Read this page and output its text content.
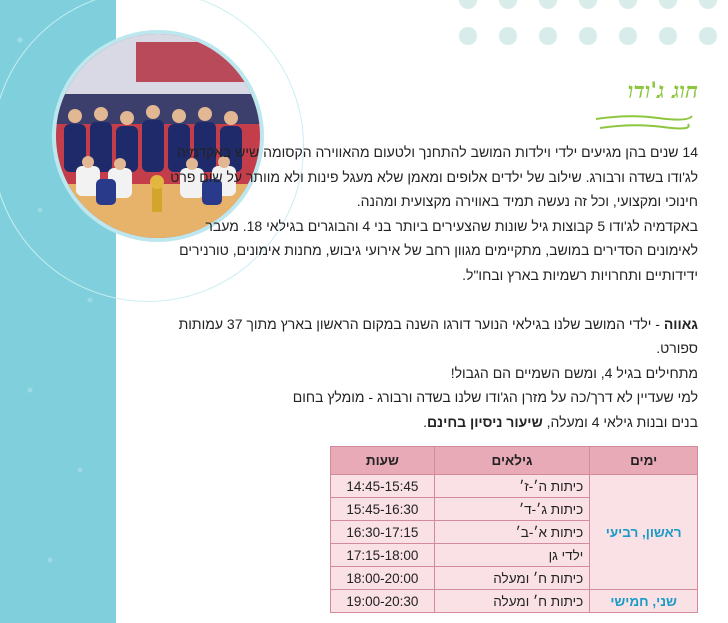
חוג ג'ודו

14 שנים בהן מגיעים ילדי וילדות המושב להתחנך ולטעום מהאווירה הקסומה שיש באקדמיה לג'ודו בשדה ורבורג. שילוב של ילדים אלופים ומאמן שלא מעגל פינות ולא מוותר על שום פרט חינוכי ומקצועי, וכל זה נעשה תמיד באווירה מקצועית ומהנה.

באקדמיה לג'ודו 5 קבוצות גיל שונות שהצעירים ביותר בני 4 והבוגרים בגילאי 18. מעבר לאימונים הסדירים במושב, מתקיימים מגוון רחב של אירועי גיבוש, מחנות אימונים, טורנירים ידידותיים ותחרויות רשמיות בארץ ובחו"ל.

גאווה - ילדי המושב שלנו בגילאי הנוער דורגו השנה במקום הראשון בארץ מתוך 37 עמותות ספורט.

מתחילים בגיל 4, ומשם השמיים הם הגבול!

למי שעדיין לא דרך/כה על מזרן הג'ודו שלנו בשדה ורבורג - מומלץ בחום

בנים ובנות גילאי 4 ומעלה, שיעור ניסיון בחינם.

ימים	גילאים	שעות
ראשון, רביעי	כיתות ה׳-ז׳	14:45-15:45
	כיתות ג׳-ד׳	15:45-16:30
	כיתות א׳-ב׳	16:30-17:15
	ילדי גן	17:15-18:00
	כיתות ח׳ ומעלה	18:00-20:00
שני, חמישי	כיתות ח׳ ומעלה	19:00-20:30
